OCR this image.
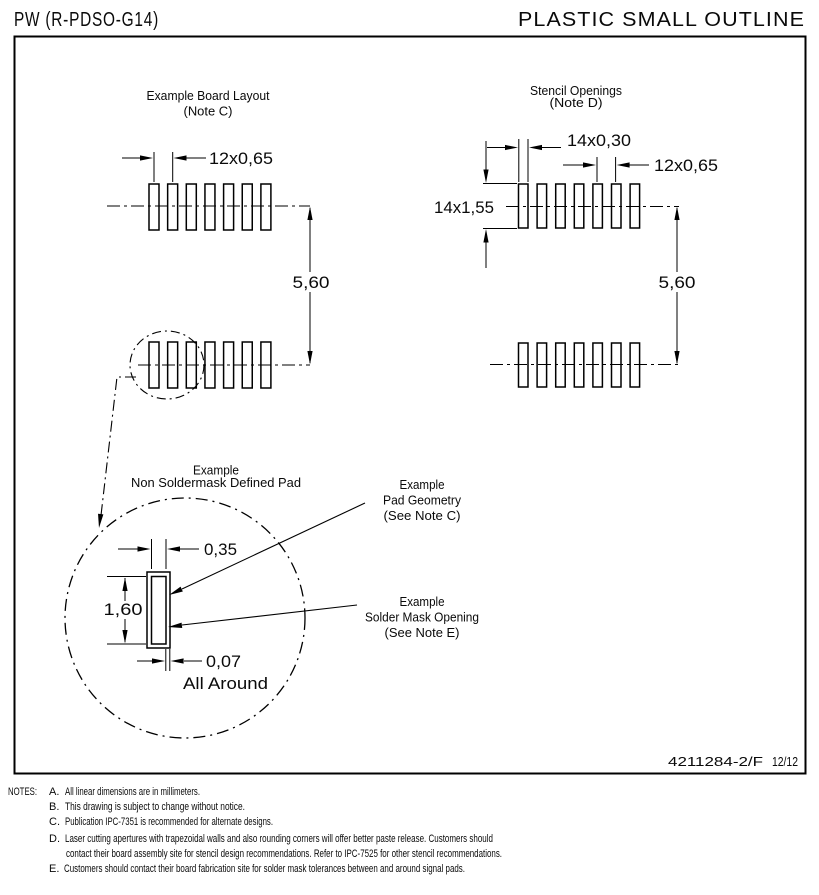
PW (R-PDSO-G14)	PLASTIC SMALL OUTLINE
Example Board Layout
(Note C)
12x0,65
5,60
Stencil Openings
(Note D)
14x0,30
12x0,65
14x1,55
5,60
Example
Non Soldermask Defined Pad
0,35
1,60
0,07
All Around
Example
Pad Geometry
(See Note C)
Example
Solder Mask Opening
(See Note E)
4211284-2/F 12/12
NOTES: A. All linear dimensions are in millimeters.
B. This drawing is subject to change without notice.
C. Publication IPC-7351 is recommended for alternate designs.
D. Laser cutting apertures with trapezoidal walls and also rounding corners will offer better paste release. Customers should
contact their board assembly site for stencil design recommendations. Refer to IPC-7525 for other stencil recommendations.
E. Customers should contact their board fabrication site for solder mask tolerances between and around signal pads.
